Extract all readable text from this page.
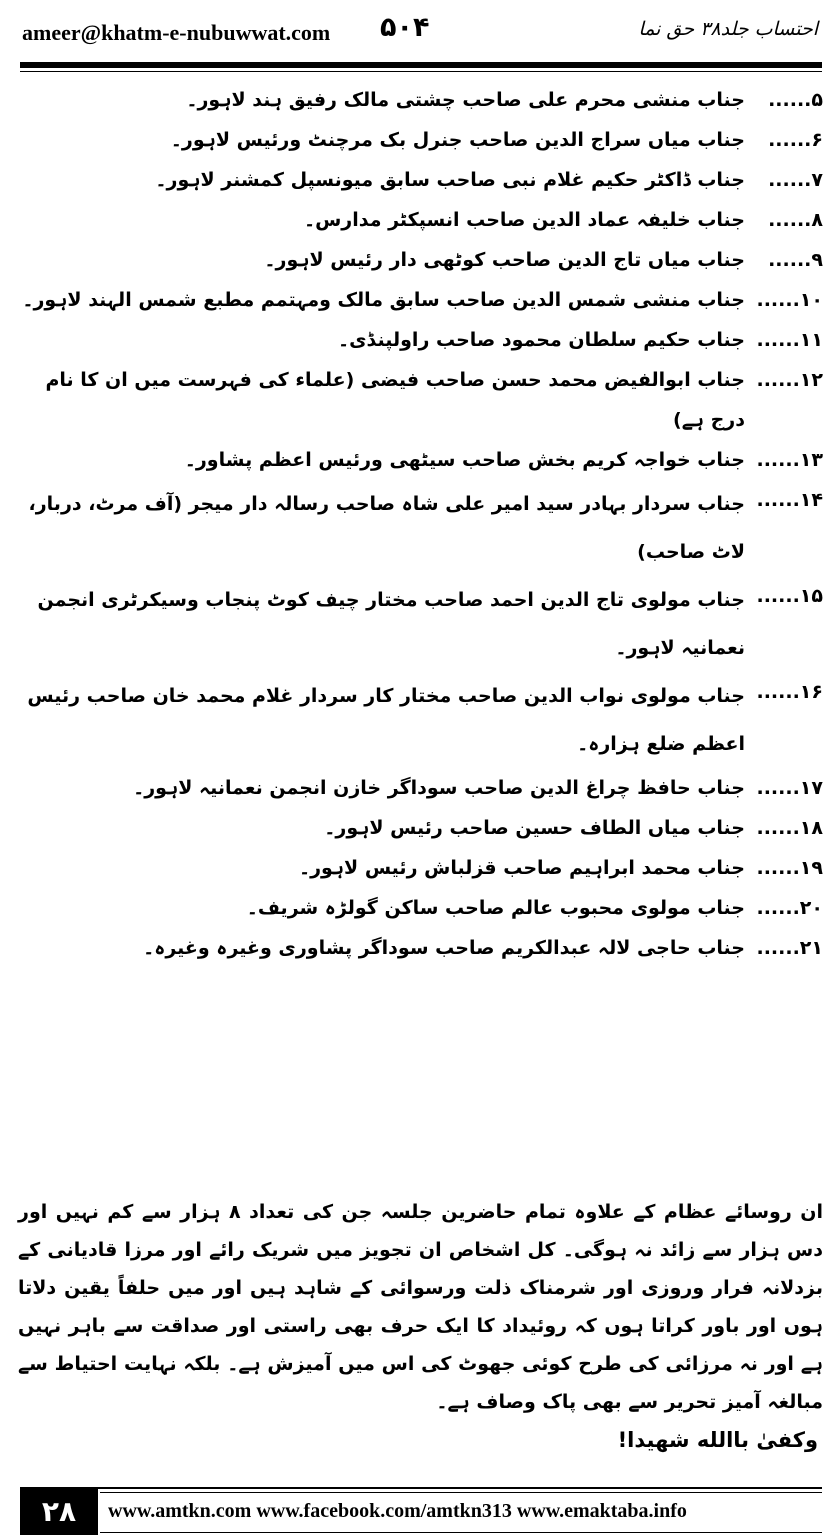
ameer@khatm-e-nubuwwat.com ۵۰۴	احتساب جلد۳۸ حق نما
۵......
جناب منشی محرم علی صاحب چشتی مالک رفیق ہند لاہور۔
۶......
جناب میاں سراج الدین صاحب جنرل بک مرچنٹ ورئیس لاہور۔
۷......
جناب ڈاکٹر حکیم غلام نبی صاحب سابق میونسپل کمشنر لاہور۔
۸......
جناب خلیفہ عماد الدین صاحب انسپکٹر مدارس۔
۹......
جناب میاں تاج الدین صاحب کوٹھی دار رئیس لاہور۔
۱۰......
جناب منشی شمس الدین صاحب سابق مالک ومہتمم مطبع شمس الہند لاہور۔
۱۱......
جناب حکیم سلطان محمود صاحب راولپنڈی۔
۱۲......
جناب ابوالفیض محمد حسن صاحب فیضی (علماء کی فہرست میں ان کا نام درج ہے)
۱۳......
جناب خواجہ کریم بخش صاحب سیٹھی ورئیس اعظم پشاور۔
۱۴......
جناب سردار بہادر سید امیر علی شاہ صاحب رسالہ دار میجر (آف مرٹ، دربار، لاٹ صاحب)
۱۵......
جناب مولوی تاج الدین احمد صاحب مختار چیف کوٹ پنجاب وسیکرٹری انجمن نعمانیہ لاہور۔
۱۶......
جناب مولوی نواب الدین صاحب مختار کار سردار غلام محمد خان صاحب رئیس اعظم ضلع ہزارہ۔
۱۷......
جناب حافظ چراغ الدین صاحب سوداگر خازن انجمن نعمانیہ لاہور۔
۱۸......
جناب میاں الطاف حسین صاحب رئیس لاہور۔
۱۹......
جناب محمد ابراہیم صاحب قزلباش رئیس لاہور۔
۲۰......
جناب مولوی محبوب عالم صاحب ساکن گولڑہ شریف۔
۲۱......
جناب حاجی لالہ عبدالکریم صاحب سوداگر پشاوری وغیرہ وغیرہ۔
ان روسائے عظام کے علاوہ تمام حاضرین جلسہ جن کی تعداد ۸ ہزار سے کم نہیں اور دس ہزار سے زائد نہ ہوگی۔ کل اشخاص ان تجویز میں شریک رائے اور مرزا قادیانی کے بزدلانہ فرار وروزی اور شرمناک ذلت ورسوائی کے شاہد ہیں اور میں حلفاً یقین دلاتا ہوں اور باور کراتا ہوں کہ روئیداد کا ایک حرف بھی راستی اور صداقت سے باہر نہیں ہے اور نہ مرزائی کی طرح کوئی جھوٹ کی اس میں آمیزش ہے۔ بلکہ نہایت احتیاط سے مبالغہ آمیز تحریر سے بھی پاک وصاف ہے۔
وکفیٰ باالله شهیدا!
۲۸	www.amtkn.com www.facebook.com/amtkn313 www.emaktaba.info
